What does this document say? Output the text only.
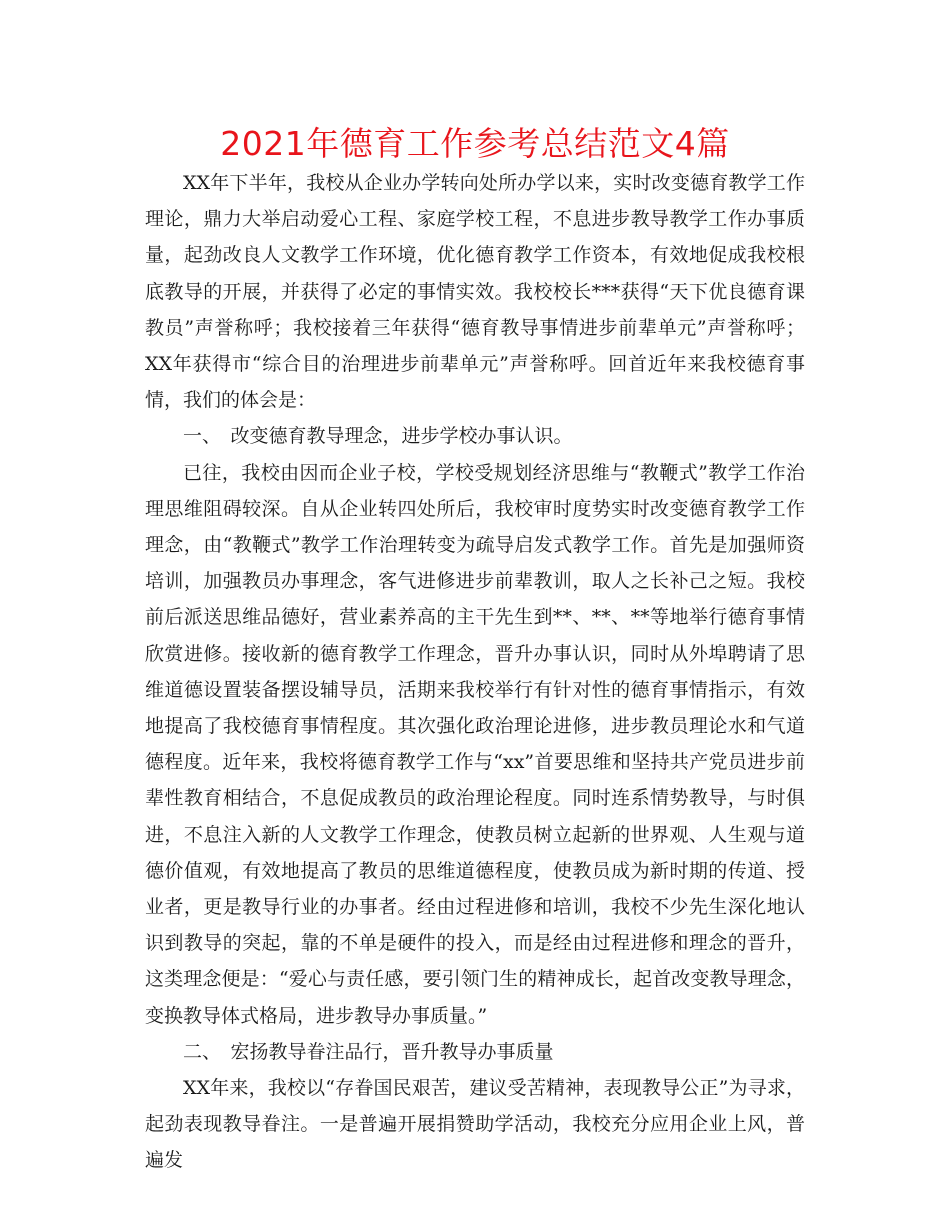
2021年德育工作参考总结范文4篇

XX年下半年，我校从企业办学转向处所办学以来，实时改变德育教学工作理论，鼎力大举启动爱心工程、家庭学校工程，不息进步教导教学工作办事质量，起劲改良人文教学工作环境，优化德育教学工作资本，有效地促成我校根底教导的开展，并获得了必定的事情实效。我校校长***获得“天下优良德育课教员”声誉称呼；我校接着三年获得“德育教导事情进步前辈单元”声誉称呼；XX年获得市“综合目的治理进步前辈单元”声誉称呼。回首近年来我校德育事情，我们的体会是：

一、　改变德育教导理念，进步学校办事认识。

已往，我校由因而企业子校，学校受规划经济思维与“教鞭式”教学工作治理思维阻碍较深。自从企业转四处所后，我校审时度势实时改变德育教学工作理念，由“教鞭式”教学工作治理转变为疏导启发式教学工作。首先是加强师资培训，加强教员办事理念，客气进修进步前辈教训，取人之长补己之短。我校前后派送思维品德好，营业素养高的主干先生到**、**、**等地举行德育事情欣赏进修。接收新的德育教学工作理念，晋升办事认识，同时从外埠聘请了思维道德设置装备摆设辅导员，活期来我校举行有针对性的德育事情指示，有效地提高了我校德育事情程度。其次强化政治理论进修，进步教员理论水和气道德程度。近年来，我校将德育教学工作与“xx”首要思维和坚持共产党员进步前辈性教育相结合，不息促成教员的政治理论程度。同时连系情势教导，与时俱进，不息注入新的人文教学工作理念，使教员树立起新的世界观、人生观与道德价值观，有效地提高了教员的思维道德程度，使教员成为新时期的传道、授业者，更是教导行业的办事者。经由过程进修和培训，我校不少先生深化地认识到教导的突起，靠的不单是硬件的投入，而是经由过程进修和理念的晋升，这类理念便是：“爱心与责任感，要引领门生的精神成长，起首改变教导理念，变换教导体式格局，进步教导办事质量。”

二、　宏扬教导眷注品行，晋升教导办事质量

XX年来，我校以“存眷国民艰苦，建议受苦精神，表现教导公正”为寻求，起劲表现教导眷注。一是普遍开展捐赞助学活动，我校充分应用企业上风，普遍发
